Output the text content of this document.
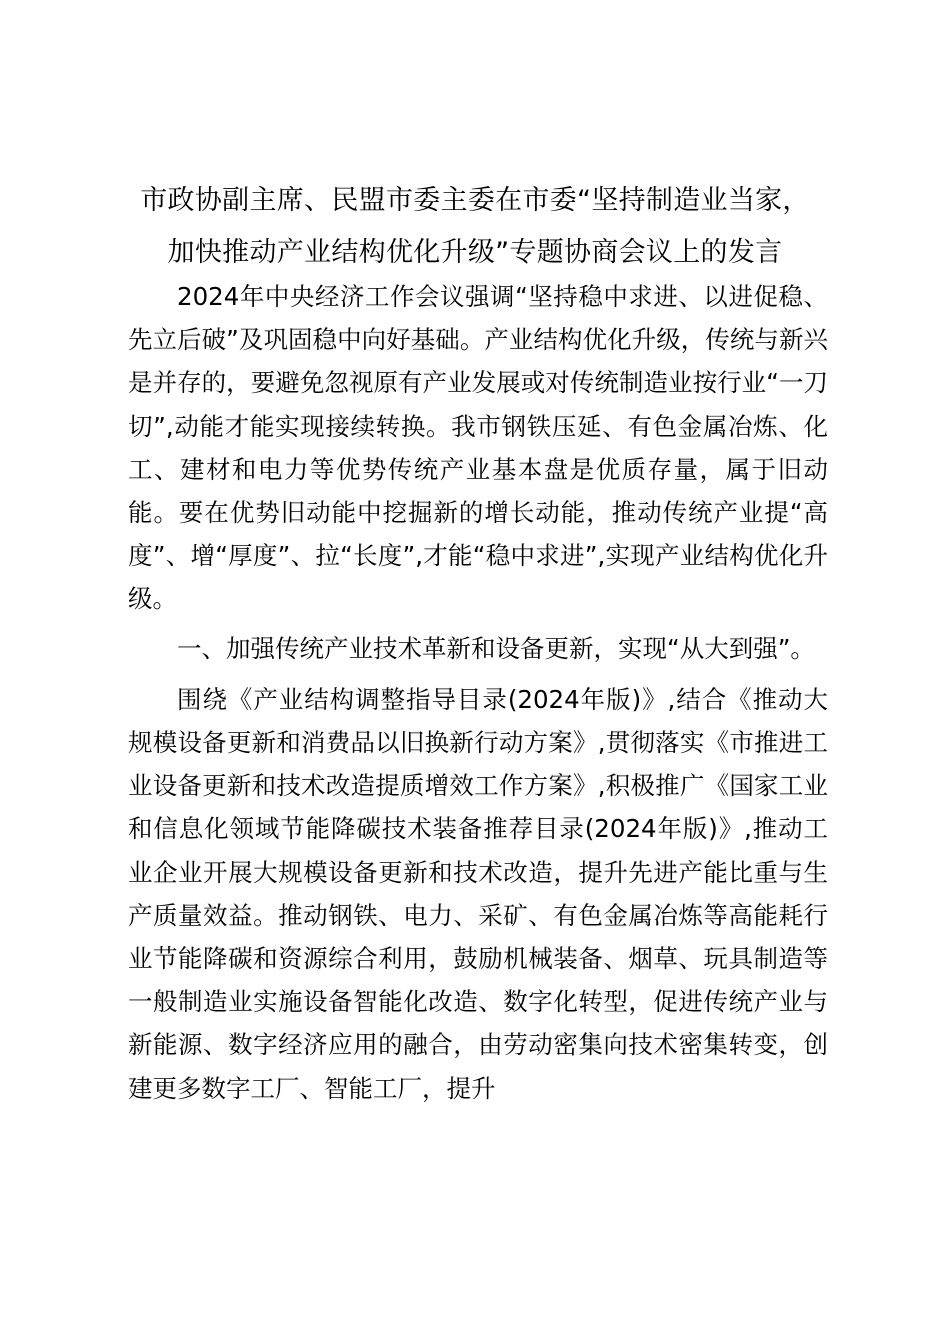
市政协副主席、民盟市委主委在市委“坚持制造业当家，
加快推动产业结构优化升级”专题协商会议上的发言

2024年中央经济工作会议强调“坚持稳中求进、以进促稳、先立后破”及巩固稳中向好基础。产业结构优化升级，传统与新兴是并存的，要避免忽视原有产业发展或对传统制造业按行业“一刀切”,动能才能实现接续转换。我市钢铁压延、有色金属冶炼、化工、建材和电力等优势传统产业基本盘是优质存量，属于旧动能。要在优势旧动能中挖掘新的增长动能，推动传统产业提“高度”、增“厚度”、拉“长度”,才能“稳中求进”,实现产业结构优化升级。

一、加强传统产业技术革新和设备更新，实现“从大到强”。

围绕《产业结构调整指导目录(2024年版)》,结合《推动大规模设备更新和消费品以旧换新行动方案》,贯彻落实《市推进工业设备更新和技术改造提质增效工作方案》,积极推广《国家工业和信息化领域节能降碳技术装备推荐目录(2024年版)》,推动工业企业开展大规模设备更新和技术改造，提升先进产能比重与生产质量效益。推动钢铁、电力、采矿、有色金属冶炼等高能耗行业节能降碳和资源综合利用，鼓励机械装备、烟草、玩具制造等一般制造业实施设备智能化改造、数字化转型，促进传统产业与新能源、数字经济应用的融合，由劳动密集向技术密集转变，创建更多数字工厂、智能工厂，提升
